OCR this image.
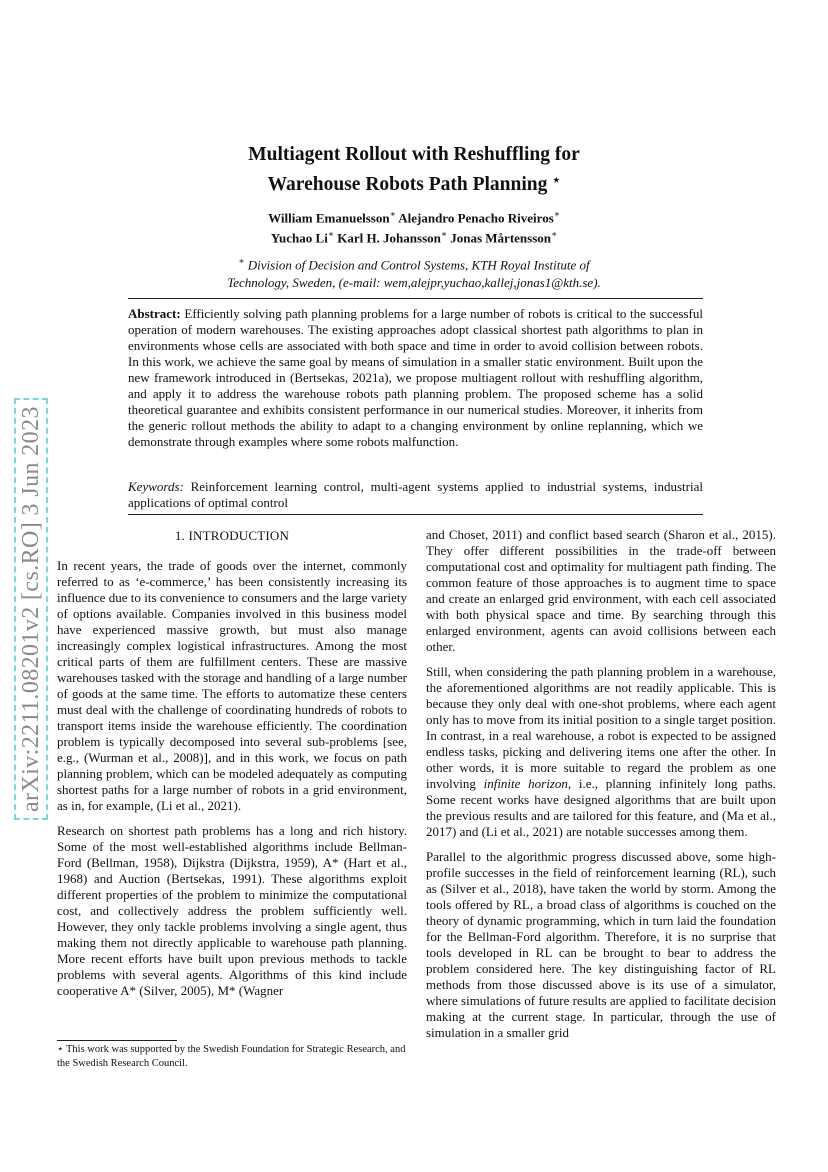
arXiv:2211.08201v2 [cs.RO] 3 Jun 2023
Multiagent Rollout with Reshuffling for
Warehouse Robots Path Planning ⋆
William Emanuelsson∗ Alejandro Penacho Riveiros∗
Yuchao Li∗ Karl H. Johansson∗ Jonas Mårtensson∗
∗ Division of Decision and Control Systems, KTH Royal Institute of
Technology, Sweden, (e-mail: wem,alejpr,yuchao,kallej,jonas1@kth.se).
Abstract: Efficiently solving path planning problems for a large number of robots is critical to the successful operation of modern warehouses. The existing approaches adopt classical shortest path algorithms to plan in environments whose cells are associated with both space and time in order to avoid collision between robots. In this work, we achieve the same goal by means of simulation in a smaller static environment. Built upon the new framework introduced in (Bertsekas, 2021a), we propose multiagent rollout with reshuffling algorithm, and apply it to address the warehouse robots path planning problem. The proposed scheme has a solid theoretical guarantee and exhibits consistent performance in our numerical studies. Moreover, it inherits from the generic rollout methods the ability to adapt to a changing environment by online replanning, which we demonstrate through examples where some robots malfunction.
Keywords: Reinforcement learning control, multi-agent systems applied to industrial systems, industrial applications of optimal control
1. INTRODUCTION

In recent years, the trade of goods over the internet, commonly referred to as ‘e-commerce,’ has been consistently increasing its influence due to its convenience to consumers and the large variety of options available. Companies involved in this business model have experienced massive growth, but must also manage increasingly complex logistical infrastructures. Among the most critical parts of them are fulfillment centers. These are massive warehouses tasked with the storage and handling of a large number of goods at the same time. The efforts to automatize these centers must deal with the challenge of coordinating hundreds of robots to transport items inside the warehouse efficiently. The coordination problem is typically decomposed into several sub-problems [see, e.g., (Wurman et al., 2008)], and in this work, we focus on path planning problem, which can be modeled adequately as computing shortest paths for a large number of robots in a grid environment, as in, for example, (Li et al., 2021).

Research on shortest path problems has a long and rich history. Some of the most well-established algorithms include Bellman-Ford (Bellman, 1958), Dijkstra (Dijkstra, 1959), A* (Hart et al., 1968) and Auction (Bertsekas, 1991). These algorithms exploit different properties of the problem to minimize the computational cost, and collectively address the problem sufficiently well. However, they only tackle problems involving a single agent, thus making them not directly applicable to warehouse path planning. More recent efforts have built upon previous methods to tackle problems with several agents. Algorithms of this kind include cooperative A* (Silver, 2005), M* (Wagner

and Choset, 2011) and conflict based search (Sharon et al., 2015). They offer different possibilities in the trade-off between computational cost and optimality for multiagent path finding. The common feature of those approaches is to augment time to space and create an enlarged grid environment, with each cell associated with both physical space and time. By searching through this enlarged environment, agents can avoid collisions between each other.

Still, when considering the path planning problem in a warehouse, the aforementioned algorithms are not readily applicable. This is because they only deal with one-shot problems, where each agent only has to move from its initial position to a single target position. In contrast, in a real warehouse, a robot is expected to be assigned endless tasks, picking and delivering items one after the other. In other words, it is more suitable to regard the problem as one involving infinite horizon, i.e., planning infinitely long paths. Some recent works have designed algorithms that are built upon the previous results and are tailored for this feature, and (Ma et al., 2017) and (Li et al., 2021) are notable successes among them.

Parallel to the algorithmic progress discussed above, some high-profile successes in the field of reinforcement learning (RL), such as (Silver et al., 2018), have taken the world by storm. Among the tools offered by RL, a broad class of algorithms is couched on the theory of dynamic programming, which in turn laid the foundation for the Bellman-Ford algorithm. Therefore, it is no surprise that tools developed in RL can be brought to bear to address the problem considered here. The key distinguishing factor of RL methods from those discussed above is its use of a simulator, where simulations of future results are applied to facilitate decision making at the current stage. In particular, through the use of simulation in a smaller grid

⋆ This work was supported by the Swedish Foundation for Strategic Research, and the Swedish Research Council.
